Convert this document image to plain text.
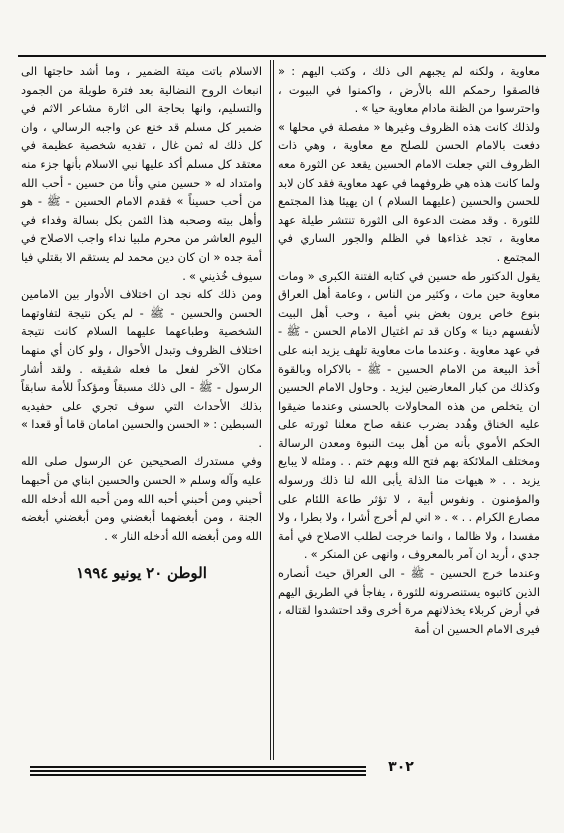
معاوية ، ولكنه لم يجبهم الى ذلك ، وكتب اليهم : « فالصقوا رحمكم الله بالأرض ، واكمنوا في البيوت ، واحترسوا من الظنة مادام معاوية حيا » .

ولذلك كانت هذه الظروف وغيرها « مفصلة في محلها » دفعت بالامام الحسن للصلح مع معاوية ، وهي ذات الظروف التي جعلت الامام الحسين يقعد عن الثورة معه ولما كانت هذه هي ظروفهما في عهد معاوية فقد كان لابد للحسن والحسين (عليهما السلام ) ان يهيئا هذا المجتمع للثورة . وقد مضت الدعوة الى الثورة تنتشر طيلة عهد معاوية ، تجد غذاءها في الظلم والجور الساري في المجتمع .

يقول الدكتور طه حسين في كتابه الفتنة الكبرى « ومات معاوية حين مات ، وكثير من الناس ، وعامة أهل العراق بنوع خاص يرون بغض بني أمية ، وحب أهل البيت لأنفسهم دينا » وكان قد تم اغتيال الامام الحسن - ﷺ - في عهد معاوية . وعندما مات معاوية تلهف يزيد ابنه على أخذ البيعة من الامام الحسين - ﷺ - بالاكراه وبالقوة وكذلك من كبار المعارضين ليزيد . وحاول الامام الحسين ان يتخلص من هذه المحاولات بالحسنى وعندما ضيقوا عليه الخناق وهُدد بضرب عنقه صاح معلنا ثورته على الحكم الأموي بأنه من أهل بيت النبوة ومعدن الرسالة ومختلف الملائكة بهم فتح الله وبهم ختم . . ومثله لا يبايع يزيد . . « هيهات منا الذلة يأبى الله لنا ذلك ورسوله والمؤمنون . ونفوس أبية ، لا تؤثر طاعة اللئام على مصارع الكرام . . » . « اني لم أخرج أشرا ، ولا بطرا ، ولا مفسدا ، ولا ظالما ، وانما خرجت لطلب الاصلاح في أمة جدي ، أريد ان آمر بالمعروف ، وانهى عن المنكر » .

وعندما خرج الحسين - ﷺ - الى العراق حيث أنصاره الذين كاتبوه يستنصرونه للثورة ، يفاجأ في الطريق اليهم في أرض كربلاء يخذلانهم مرة أخرى وقد احتشدوا لقتاله ، فيرى الامام الحسين ان أمة

الاسلام باتت ميتة الضمير ، وما أشد حاجتها الى انبعاث الروح النضالية بعد فترة طويلة من الجمود والتسليم، وانها بحاجة الى اثارة مشاعر الاثم في ضمير كل مسلم قد خنع عن واجبه الرسالي ، وان كل ذلك له ثمن غال ، تفديه شخصية عظيمة في معتقد كل مسلم أكد عليها نبي الاسلام بأنها جزء منه وامتداد له « حسين مني وأنا من حسين - أحب الله من أحب حسيناً » فقدم الامام الحسين - ﷺ - هو وأهل بيته وصحبه هذا الثمن بكل بسالة وفداء في اليوم العاشر من محرم ملبيا نداء واجب الاصلاح في أمة جده « ان كان دين محمد لم يستقم الا بقتلي فيا سيوف خُذيني » .

ومن ذلك كله نجد ان اختلاف الأدوار بين الامامين الحسن والحسين - ﷺ - لم يكن نتيجة لتفاوتهما الشخصية وطباعهما عليهما السلام كانت نتيجة اختلاف الظروف وتبدل الأحوال ، ولو كان أي منهما مكان الآخر لفعل ما فعله شقيقه . ولقد أشار الرسول - ﷺ - الى ذلك مسبقاً ومؤكداً للأمة سابقاً بذلك الأحداث التي سوف تجري على حفيديه السبطين : « الحسن والحسين امامان قاما أو قعدا » .

وفي مستدرك الصحيحين عن الرسول صلى الله عليه وآله وسلم « الحسن والحسين ابناي من أحبهما أحبني ومن أحبني أحبه الله ومن أحبه الله أدخله الله الجنة ، ومن أبغضهما أبغضني ومن أبغضني أبغضه الله ومن أبغضه الله أدخله النار » .

الوطن ٢٠ يونيو ١٩٩٤
٣٠٢
